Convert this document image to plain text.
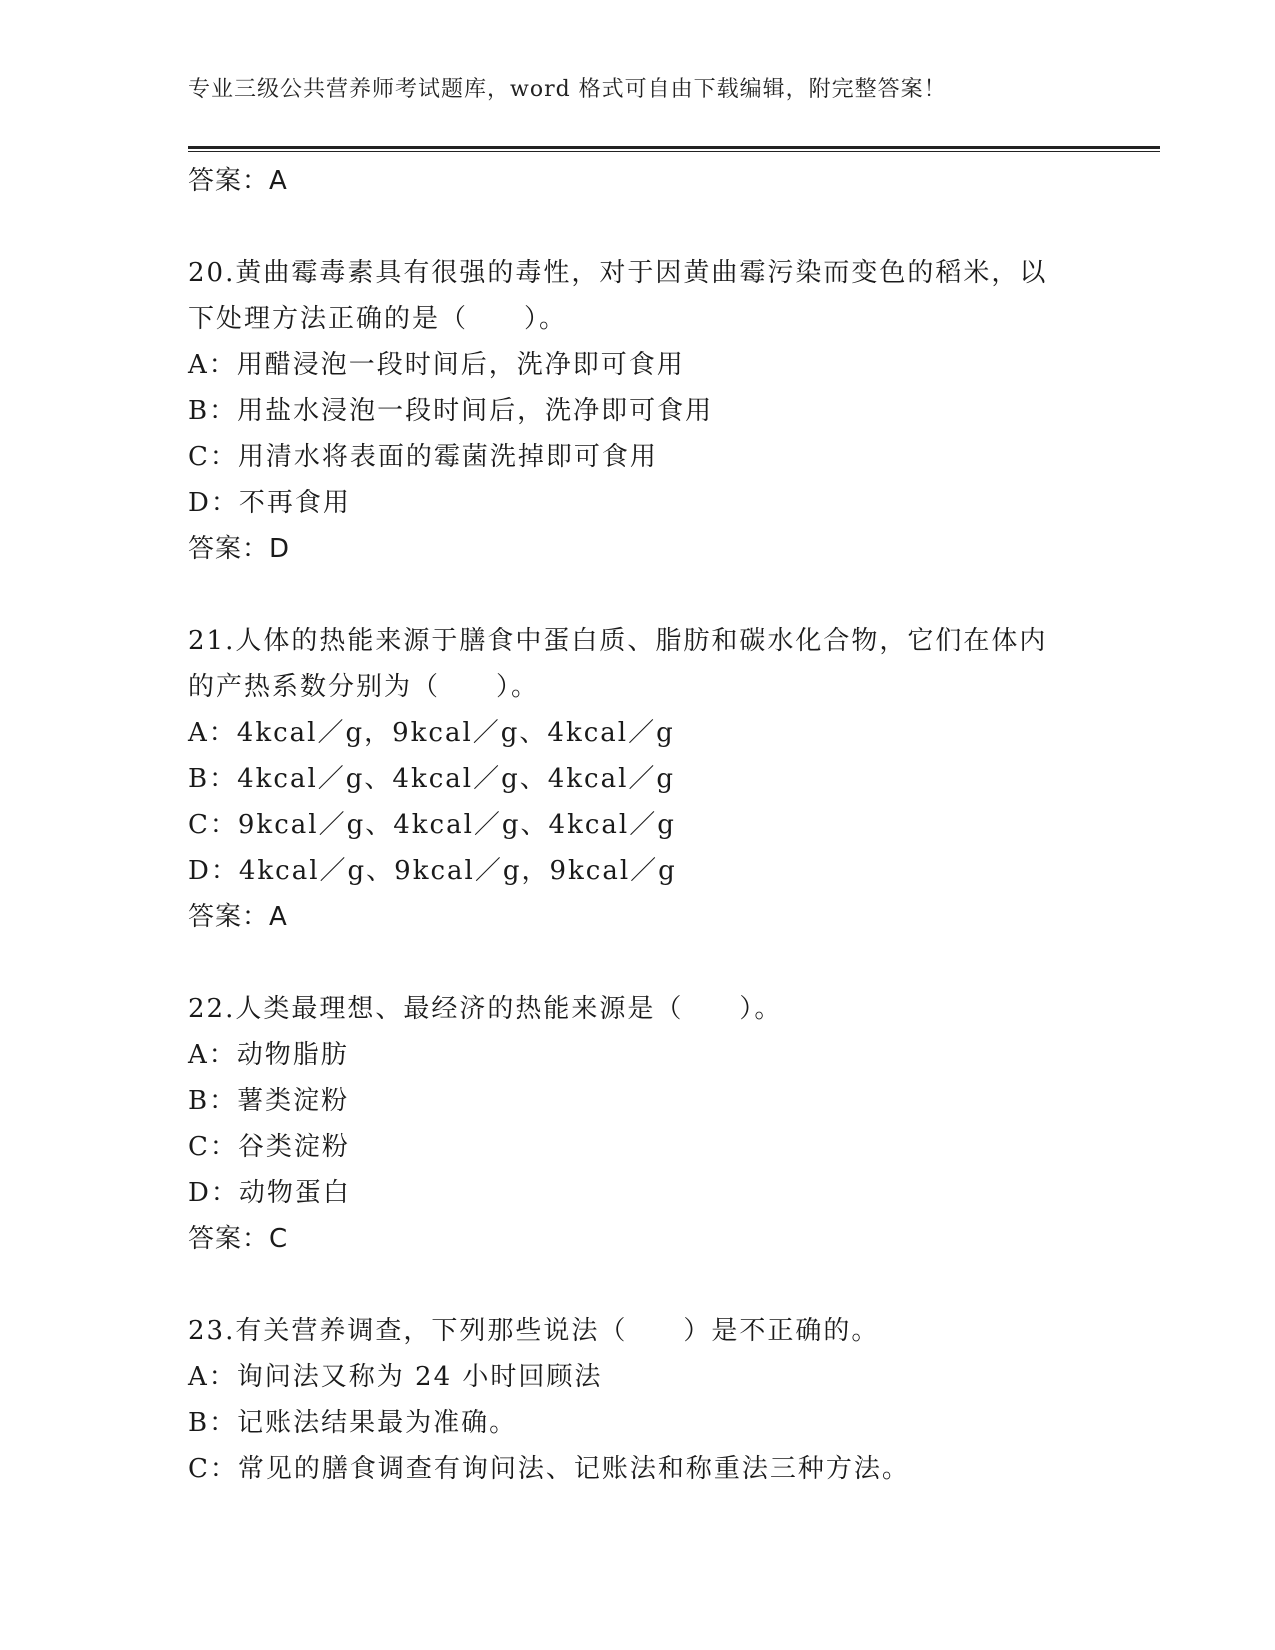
专业三级公共营养师考试题库，word 格式可自由下载编辑，附完整答案！
答案：A
20.黄曲霉毒素具有很强的毒性，对于因黄曲霉污染而变色的稻米，以
下处理方法正确的是（　　）。
A：用醋浸泡一段时间后，洗净即可食用
B：用盐水浸泡一段时间后，洗净即可食用
C：用清水将表面的霉菌洗掉即可食用
D：不再食用
答案：D
21.人体的热能来源于膳食中蛋白质、脂肪和碳水化合物，它们在体内
的产热系数分别为（　　）。
A：4kcal／g，9kcal／g、4kcal／g
B：4kcal／g、4kcal／g、4kcal／g
C：9kcal／g、4kcal／g、4kcal／g
D：4kcal／g、9kcal／g，9kcal／g
答案：A
22.人类最理想、最经济的热能来源是（　　）。
A：动物脂肪
B：薯类淀粉
C：谷类淀粉
D：动物蛋白
答案：C
23.有关营养调查，下列那些说法（　　）是不正确的。
A：询问法又称为 24 小时回顾法
B：记账法结果最为准确。
C：常见的膳食调查有询问法、记账法和称重法三种方法。
